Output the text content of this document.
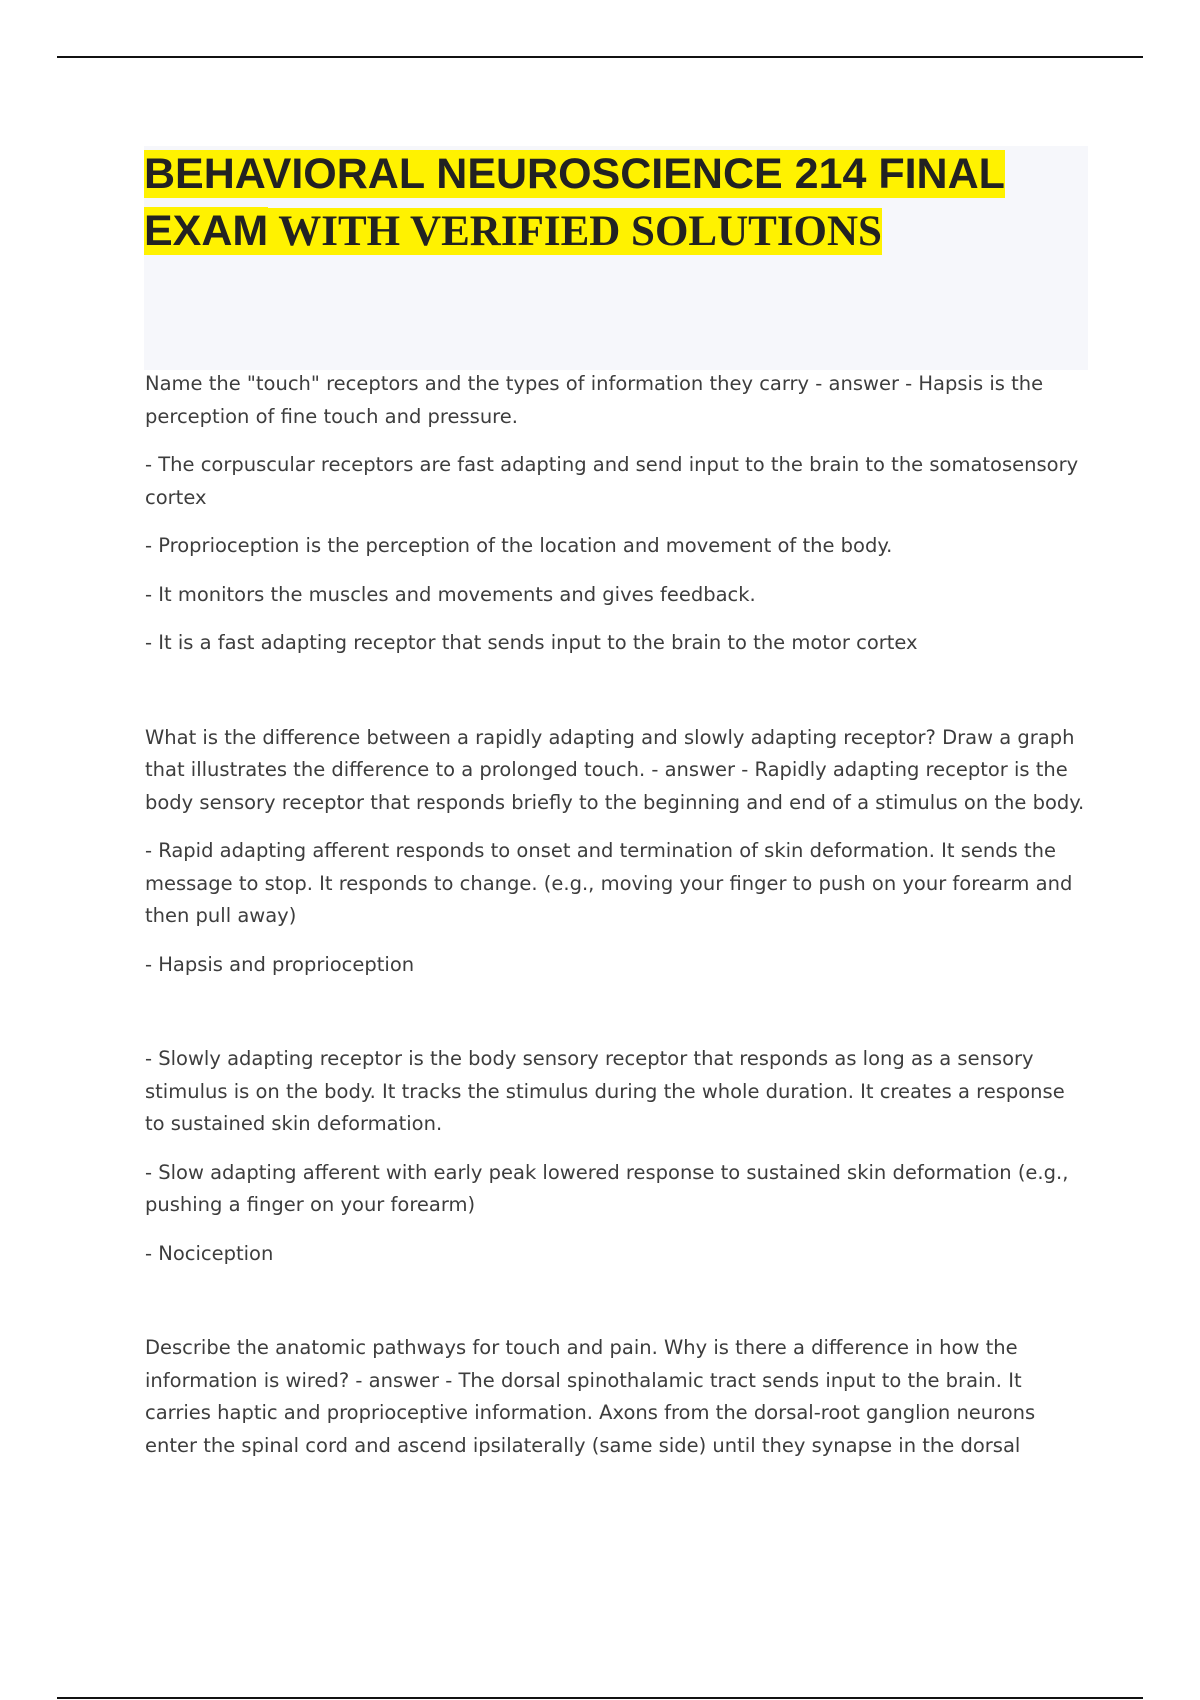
BEHAVIORAL NEUROSCIENCE 214 FINAL EXAM WITH VERIFIED SOLUTIONS

Name the "touch" receptors and the types of information they carry - answer - Hapsis is the perception of fine touch and pressure.

- The corpuscular receptors are fast adapting and send input to the brain to the somatosensory cortex

- Proprioception is the perception of the location and movement of the body.

- It monitors the muscles and movements and gives feedback.

- It is a fast adapting receptor that sends input to the brain to the motor cortex

What is the difference between a rapidly adapting and slowly adapting receptor? Draw a graph that illustrates the difference to a prolonged touch. - answer - Rapidly adapting receptor is the body sensory receptor that responds briefly to the beginning and end of a stimulus on the body.

- Rapid adapting afferent responds to onset and termination of skin deformation. It sends the message to stop. It responds to change. (e.g., moving your finger to push on your forearm and then pull away)

- Hapsis and proprioception

- Slowly adapting receptor is the body sensory receptor that responds as long as a sensory stimulus is on the body. It tracks the stimulus during the whole duration. It creates a response to sustained skin deformation.

- Slow adapting afferent with early peak lowered response to sustained skin deformation (e.g., pushing a finger on your forearm)

- Nociception

Describe the anatomic pathways for touch and pain. Why is there a difference in how the information is wired? - answer - The dorsal spinothalamic tract sends input to the brain. It carries haptic and proprioceptive information. Axons from the dorsal-root ganglion neurons enter the spinal cord and ascend ipsilaterally (same side) until they synapse in the dorsal
